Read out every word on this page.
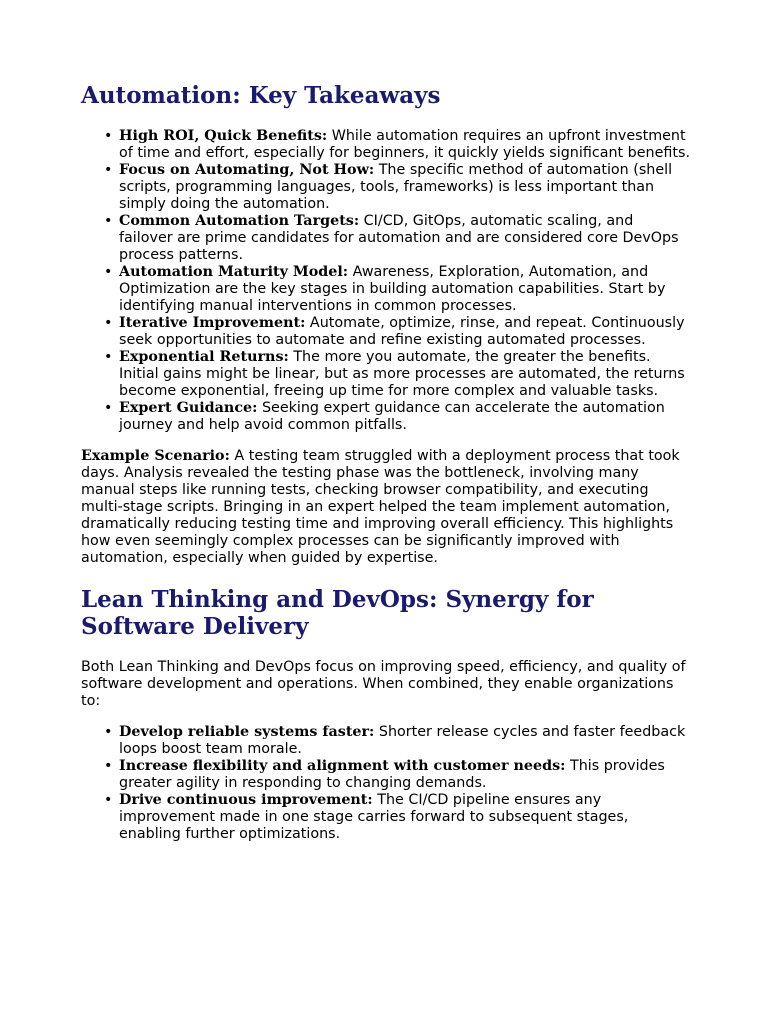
Automation: Key Takeaways
• High ROI, Quick Benefits: While automation requires an upfront investment of time and effort, especially for beginners, it quickly yields significant benefits.
• Focus on Automating, Not How: The specific method of automation (shell scripts, programming languages, tools, frameworks) is less important than simply doing the automation.
• Common Automation Targets: CI/CD, GitOps, automatic scaling, and failover are prime candidates for automation and are considered core DevOps process patterns.
• Automation Maturity Model: Awareness, Exploration, Automation, and Optimization are the key stages in building automation capabilities. Start by identifying manual interventions in common processes.
• Iterative Improvement: Automate, optimize, rinse, and repeat. Continuously seek opportunities to automate and refine existing automated processes.
• Exponential Returns: The more you automate, the greater the benefits. Initial gains might be linear, but as more processes are automated, the returns become exponential, freeing up time for more complex and valuable tasks.
• Expert Guidance: Seeking expert guidance can accelerate the automation journey and help avoid common pitfalls.

Example Scenario: A testing team struggled with a deployment process that took days. Analysis revealed the testing phase was the bottleneck, involving many manual steps like running tests, checking browser compatibility, and executing multi-stage scripts. Bringing in an expert helped the team implement automation, dramatically reducing testing time and improving overall efficiency. This highlights how even seemingly complex processes can be significantly improved with automation, especially when guided by expertise.

Lean Thinking and DevOps: Synergy for Software Delivery

Both Lean Thinking and DevOps focus on improving speed, efficiency, and quality of software development and operations. When combined, they enable organizations to:

• Develop reliable systems faster: Shorter release cycles and faster feedback loops boost team morale.
• Increase flexibility and alignment with customer needs: This provides greater agility in responding to changing demands.
• Drive continuous improvement: The CI/CD pipeline ensures any improvement made in one stage carries forward to subsequent stages, enabling further optimizations.
